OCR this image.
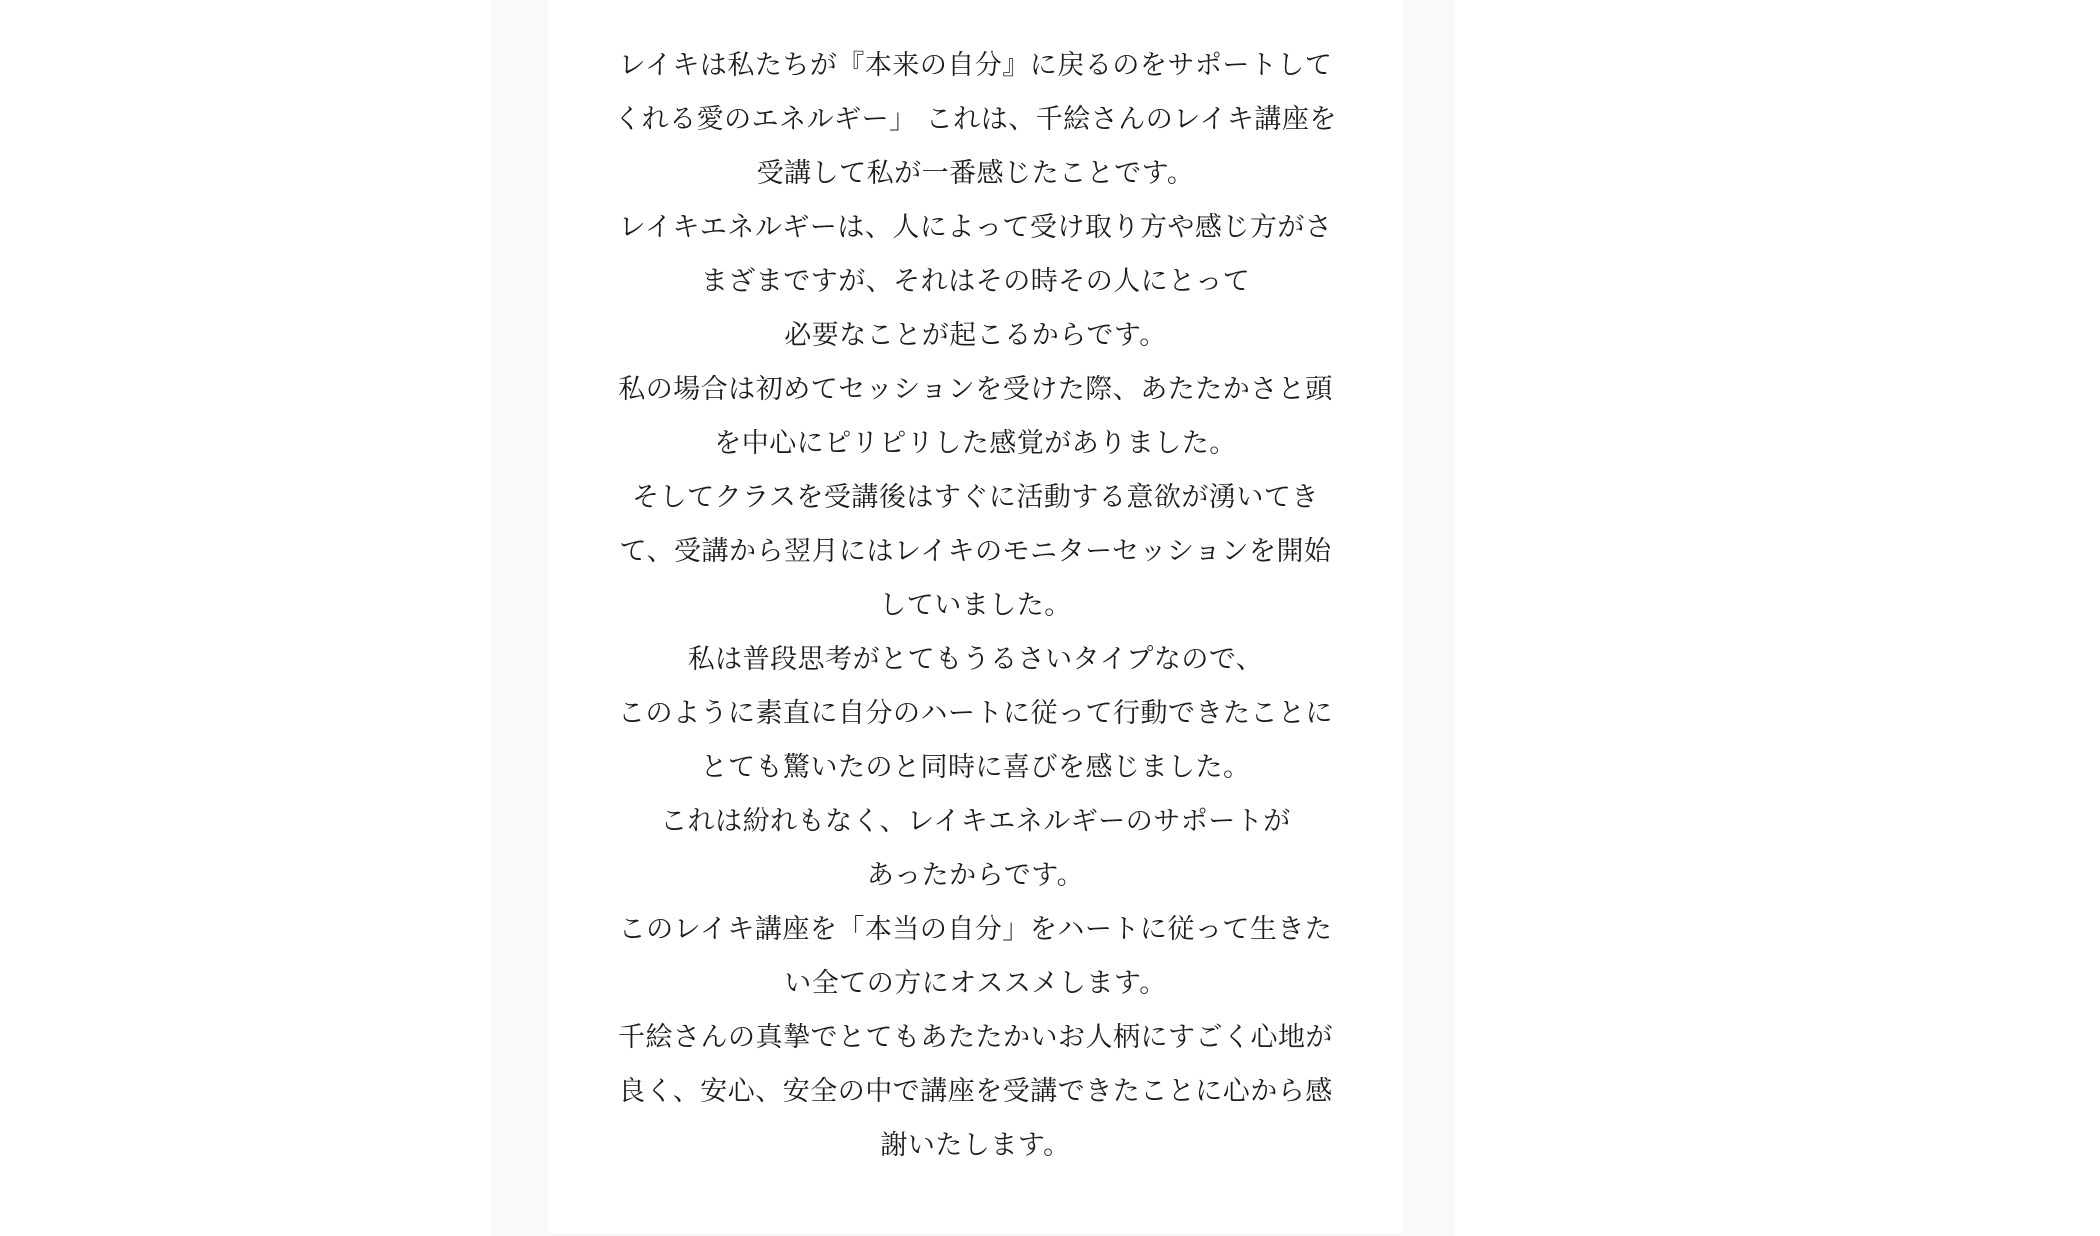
レイキは私たちが『本来の自分』に戻るのをサポートして
くれる愛のエネルギー」 これは、千絵さんのレイキ講座を
受講して私が一番感じたことです。
レイキエネルギーは、人によって受け取り方や感じ方がさ
まざまですが、それはその時その人にとって
必要なことが起こるからです。
私の場合は初めてセッションを受けた際、あたたかさと頭
を中心にピリピリした感覚がありました。
そしてクラスを受講後はすぐに活動する意欲が湧いてき
て、受講から翌月にはレイキのモニターセッションを開始
していました。
私は普段思考がとてもうるさいタイプなので、
このように素直に自分のハートに従って行動できたことに
とても驚いたのと同時に喜びを感じました。
これは紛れもなく、レイキエネルギーのサポートが
あったからです。
このレイキ講座を「本当の自分」をハートに従って生きた
い全ての方にオススメします。
千絵さんの真摯でとてもあたたかいお人柄にすごく心地が
良く、安心、安全の中で講座を受講できたことに心から感
謝いたします。
